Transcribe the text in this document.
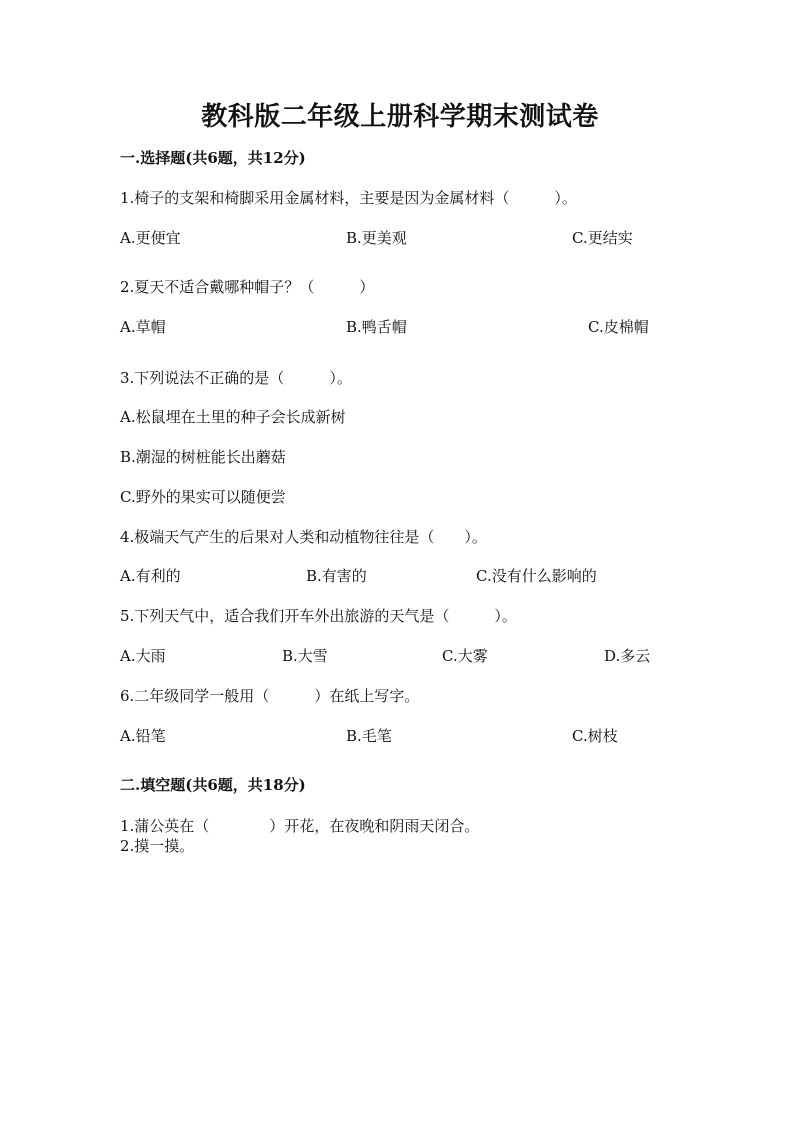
教科版二年级上册科学期末测试卷
一.选择题(共6题，共12分)
1.椅子的支架和椅脚采用金属材料，主要是因为金属材料（　　　）。
A.更便宜	B.更美观	C.更结实
2.夏天不适合戴哪种帽子？（　　　）
A.草帽	B.鸭舌帽	C.皮棉帽
3.下列说法不正确的是（　　　）。
A.松鼠埋在土里的种子会长成新树
B.潮湿的树桩能长出蘑菇
C.野外的果实可以随便尝
4.极端天气产生的后果对人类和动植物往往是（　　）。
A.有利的	B.有害的	C.没有什么影响的
5.下列天气中，适合我们开车外出旅游的天气是（　　　）。
A.大雨	B.大雪	C.大雾	D.多云
6.二年级同学一般用（　　　）在纸上写字。
A.铅笔	B.毛笔	C.树枝
二.填空题(共6题，共18分)
1.蒲公英在（　　　　）开花，在夜晚和阴雨天闭合。
2.摸一摸。
